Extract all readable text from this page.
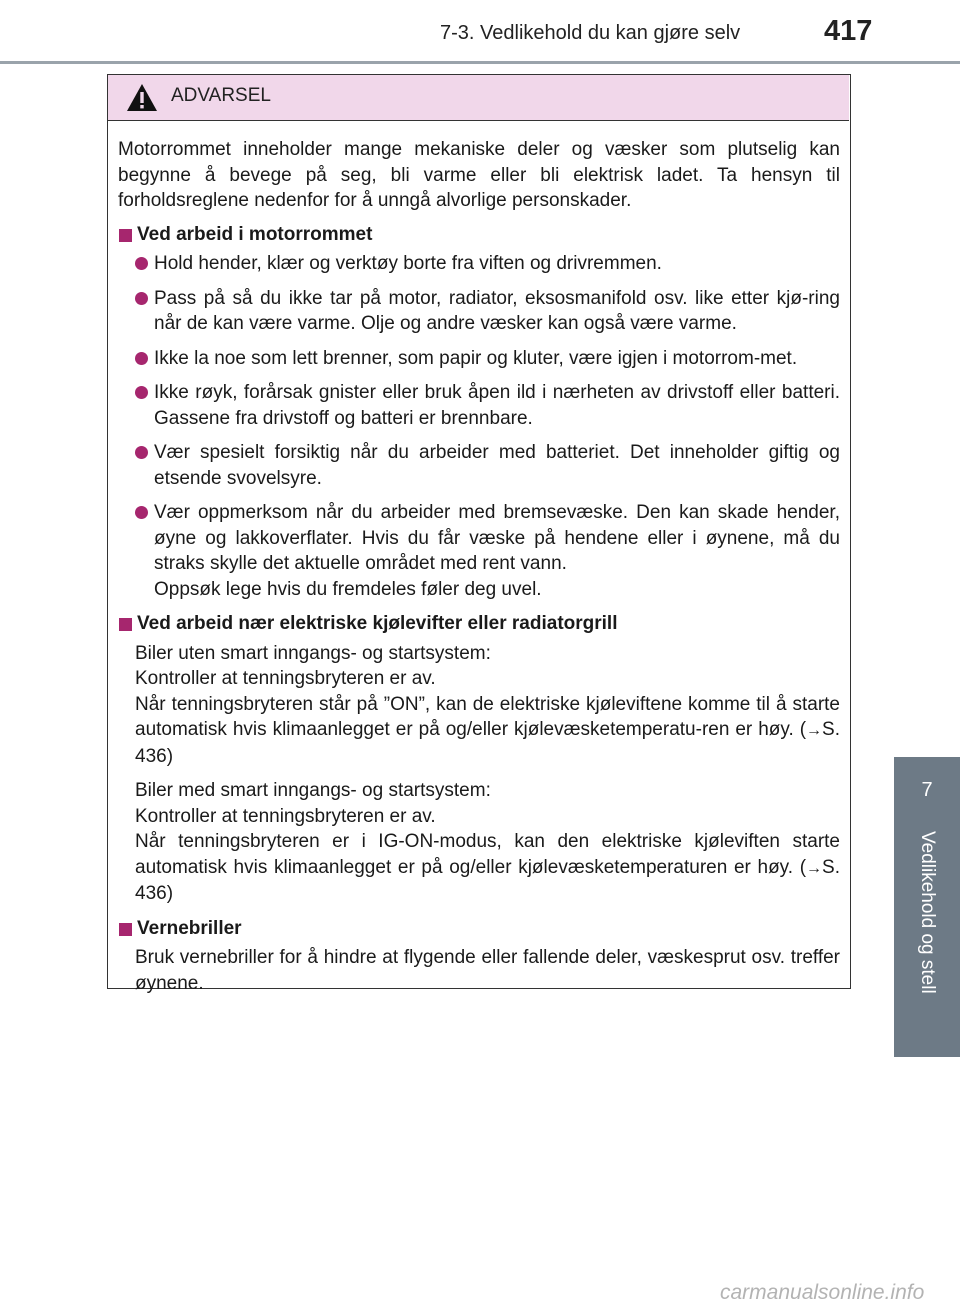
7-3. Vedlikehold du kan gjøre selv	417
7
Vedlikehold og stell
ADVARSEL

Motorrommet inneholder mange mekaniske deler og væsker som plutselig kan begynne å bevege på seg, bli varme eller bli elektrisk ladet. Ta hensyn til forholdsreglene nedenfor for å unngå alvorlige personskader.

Ved arbeid i motorrommet
Hold hender, klær og verktøy borte fra viften og drivremmen.
Pass på så du ikke tar på motor, radiator, eksosmanifold osv. like etter kjø-ring når de kan være varme. Olje og andre væsker kan også være varme.
Ikke la noe som lett brenner, som papir og kluter, være igjen i motorrom-met.
Ikke røyk, forårsak gnister eller bruk åpen ild i nærheten av drivstoff eller batteri. Gassene fra drivstoff og batteri er brennbare.
Vær spesielt forsiktig når du arbeider med batteriet. Det inneholder giftig og etsende svovelsyre.
Vær oppmerksom når du arbeider med bremsevæske. Den kan skade hender, øyne og lakkoverflater. Hvis du får væske på hendene eller i øynene, må du straks skylle det aktuelle området med rent vann.
Oppsøk lege hvis du fremdeles føler deg uvel.
Ved arbeid nær elektriske kjølevifter eller radiatorgrill
Biler uten smart inngangs- og startsystem:
Kontroller at tenningsbryteren er av.
Når tenningsbryteren står på ”ON”, kan de elektriske kjøleviftene komme til å starte automatisk hvis klimaanlegget er på og/eller kjølevæsketemperatu-ren er høy. (→S. 436)
Biler med smart inngangs- og startsystem:
Kontroller at tenningsbryteren er av.
Når tenningsbryteren er i IG-ON-modus, kan den elektriske kjøleviften starte automatisk hvis klimaanlegget er på og/eller kjølevæsketemperaturen er høy. (→S. 436)
Vernebriller
Bruk vernebriller for å hindre at flygende eller fallende deler, væskesprut osv. treffer øynene.
carmanualsonline.info
